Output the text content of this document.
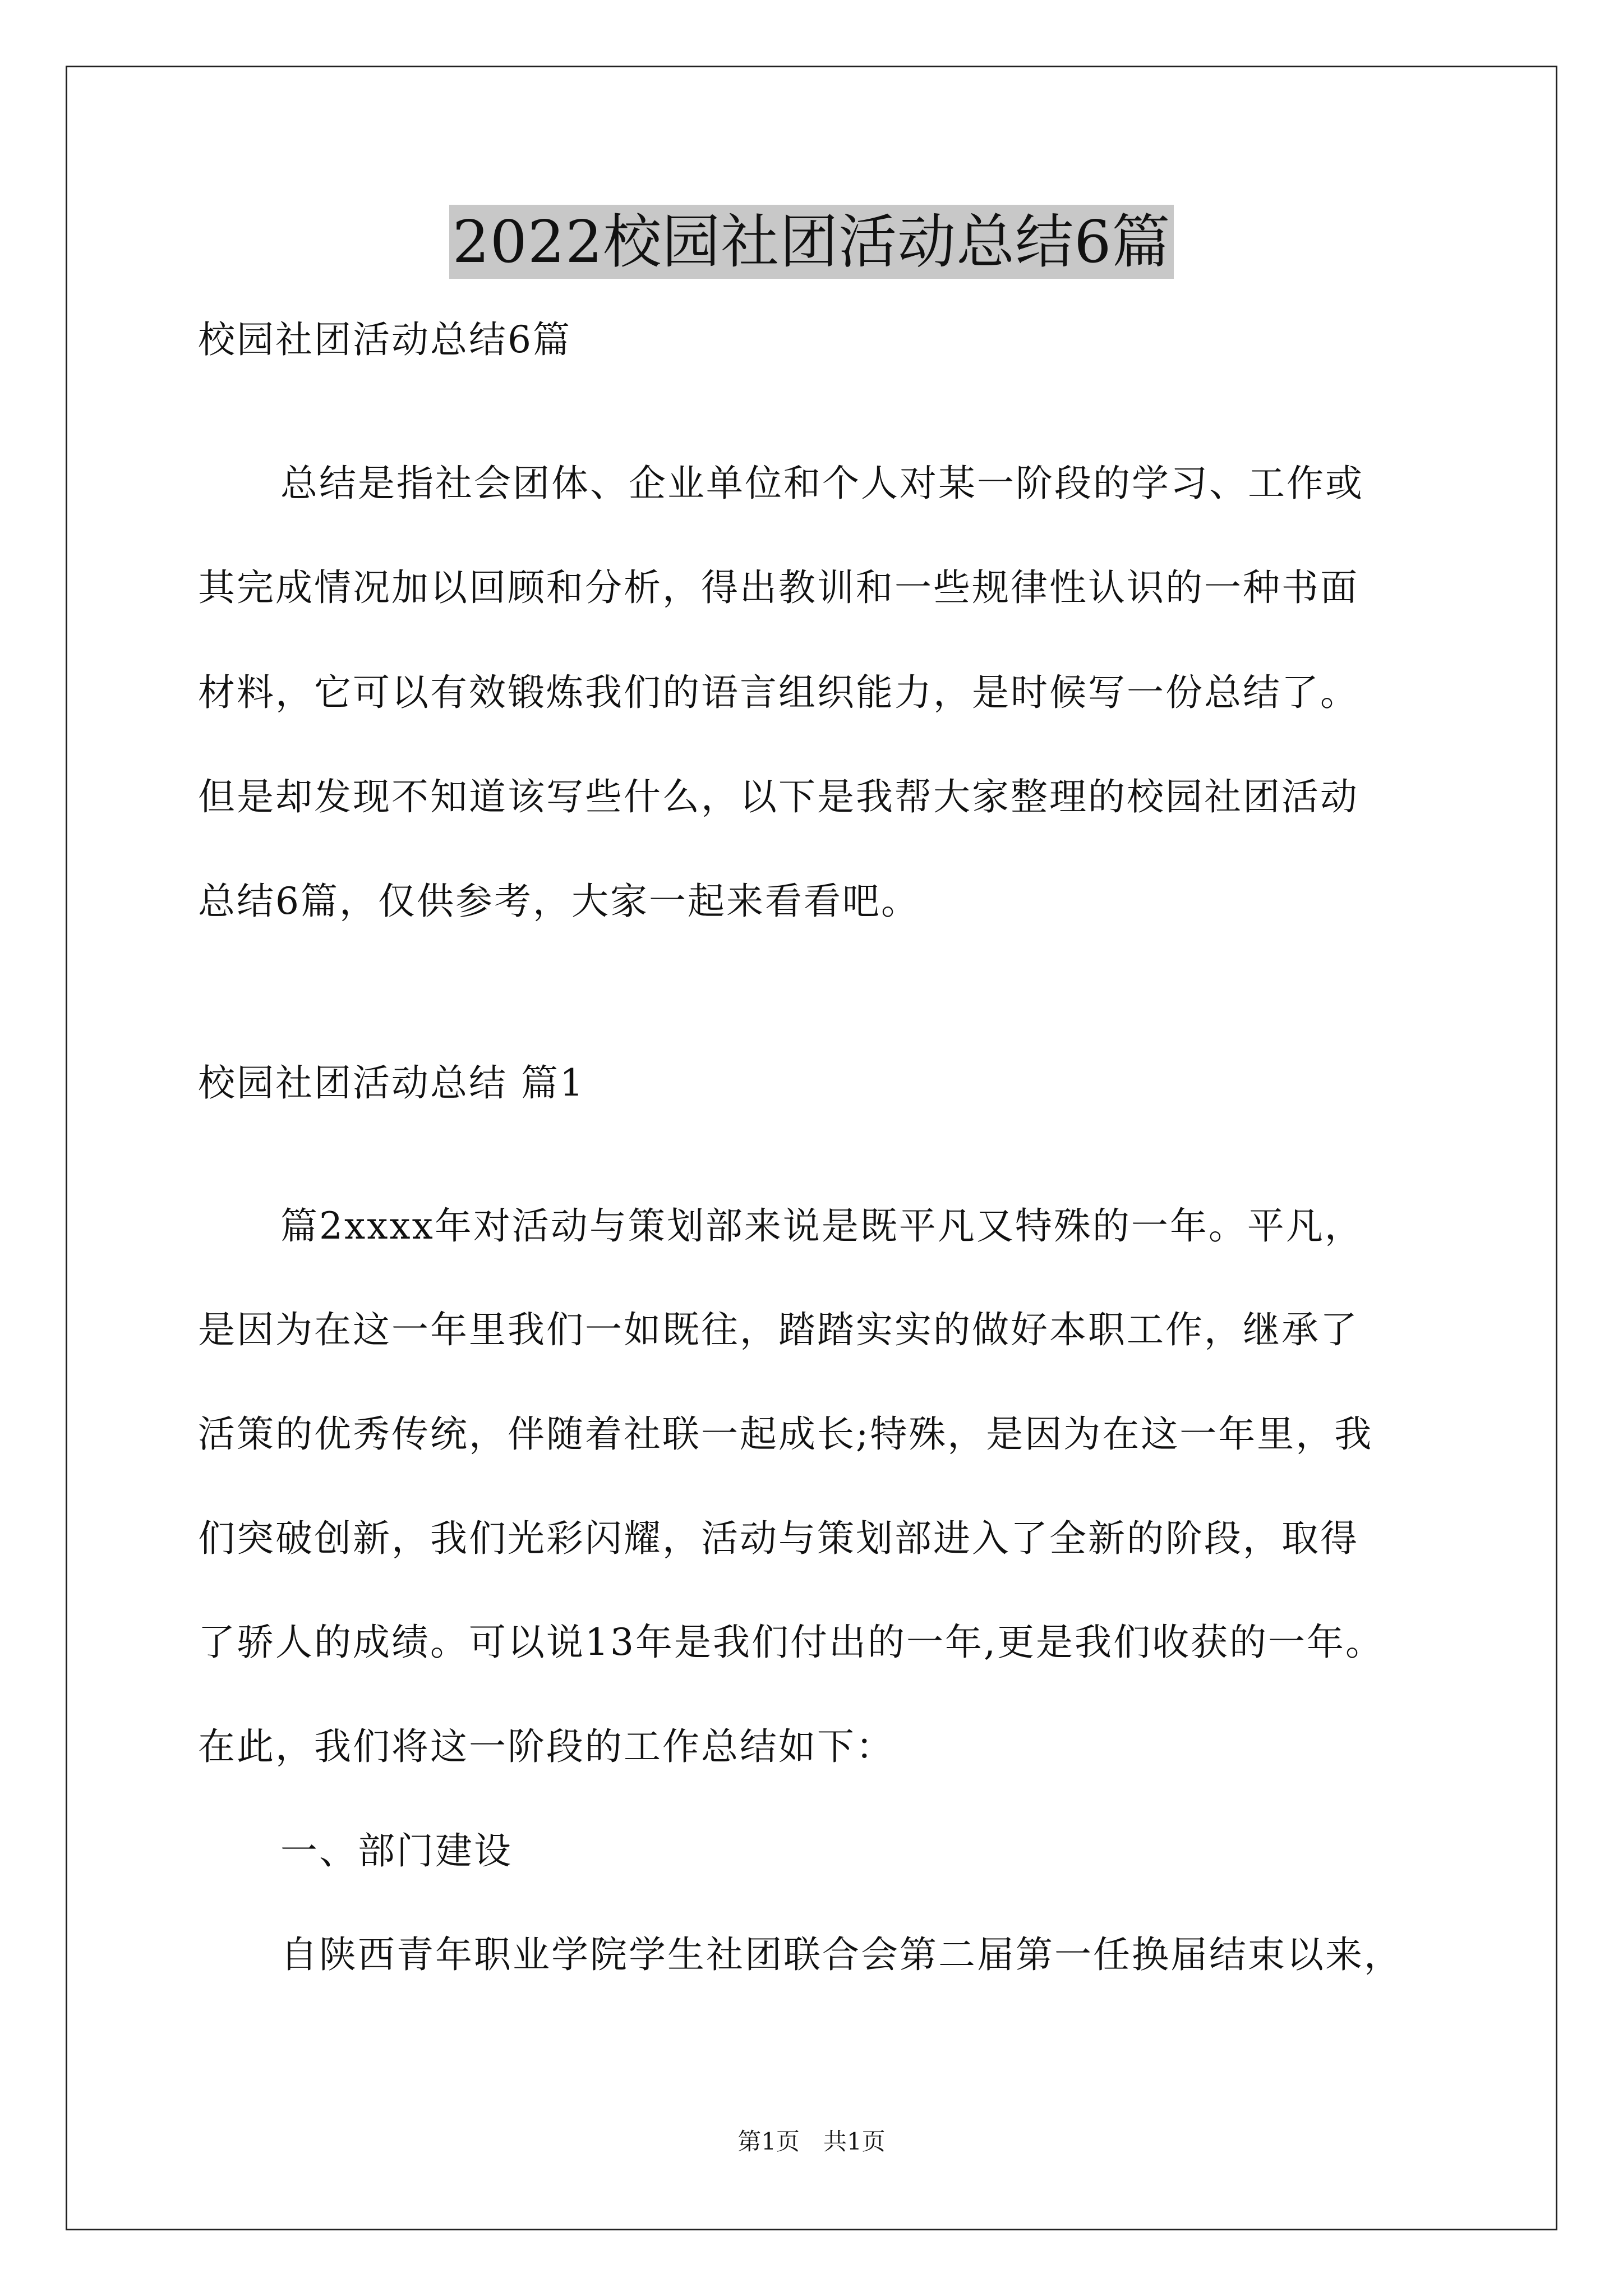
2022校园社团活动总结6篇
校园社团活动总结6篇
总结是指社会团体、企业单位和个人对某一阶段的学习、工作或
其完成情况加以回顾和分析，得出教训和一些规律性认识的一种书面
材料，它可以有效锻炼我们的语言组织能力，是时候写一份总结了。
但是却发现不知道该写些什么，以下是我帮大家整理的校园社团活动
总结6篇，仅供参考，大家一起来看看吧。
校园社团活动总结 篇1
篇2xxxx年对活动与策划部来说是既平凡又特殊的一年。平凡，
是因为在这一年里我们一如既往，踏踏实实的做好本职工作，继承了
活策的优秀传统，伴随着社联一起成长;特殊，是因为在这一年里，我
们突破创新，我们光彩闪耀，活动与策划部进入了全新的阶段，取得
了骄人的成绩。可以说13年是我们付出的一年,更是我们收获的一年。
在此，我们将这一阶段的工作总结如下：
一、部门建设
自陕西青年职业学院学生社团联合会第二届第一任换届结束以来，
第1页　共1页
